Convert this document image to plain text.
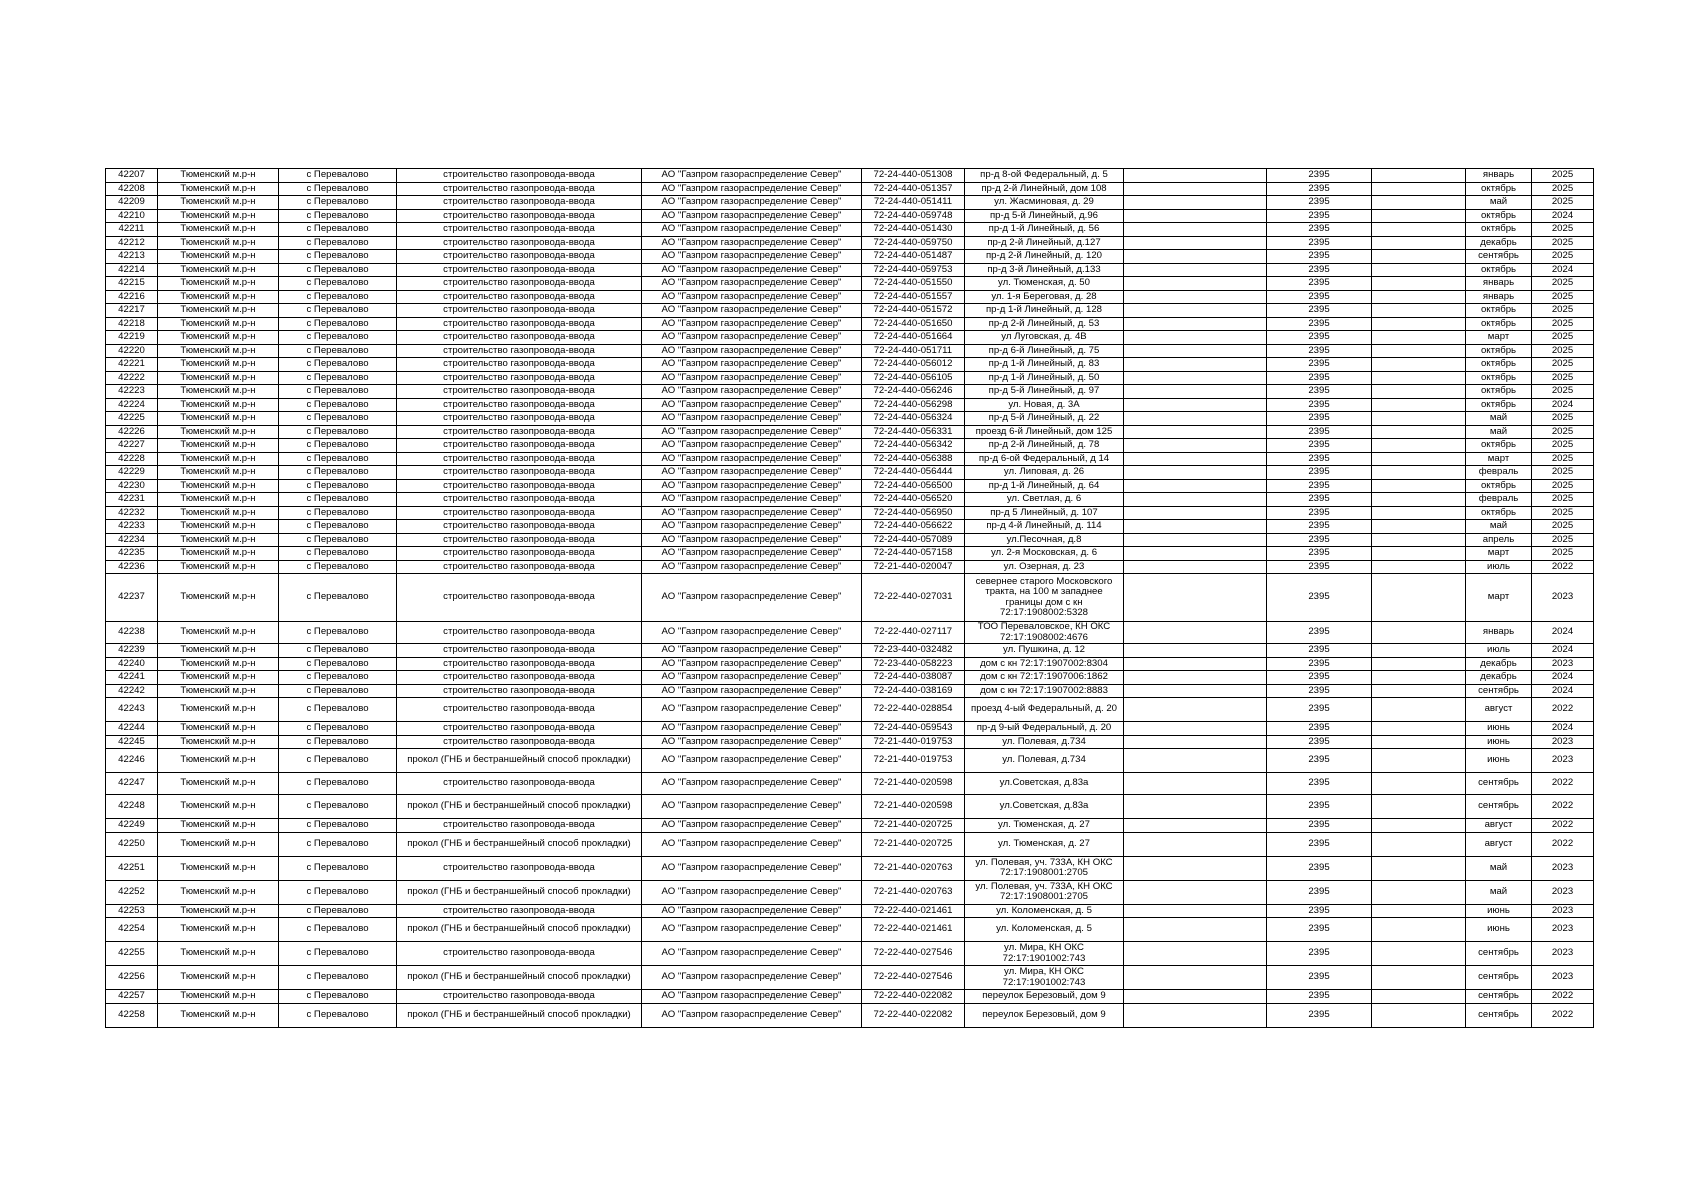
42207	Тюменский м.р-н	с Перевалово	строительство газопровода-ввода	АО "Газпром газораспределение Север"	72-24-440-051308	пр-д 8-ой Федеральный, д. 5		2395		январь	2025
42208	Тюменский м.р-н	с Перевалово	строительство газопровода-ввода	АО "Газпром газораспределение Север"	72-24-440-051357	пр-д 2-й Линейный, дом 108		2395		октябрь	2025
42209	Тюменский м.р-н	с Перевалово	строительство газопровода-ввода	АО "Газпром газораспределение Север"	72-24-440-051411	ул. Жасминовая, д. 29		2395		май	2025
42210	Тюменский м.р-н	с Перевалово	строительство газопровода-ввода	АО "Газпром газораспределение Север"	72-24-440-059748	пр-д 5-й Линейный, д.96		2395		октябрь	2024
42211	Тюменский м.р-н	с Перевалово	строительство газопровода-ввода	АО "Газпром газораспределение Север"	72-24-440-051430	пр-д 1-й Линейный, д. 56		2395		октябрь	2025
42212	Тюменский м.р-н	с Перевалово	строительство газопровода-ввода	АО "Газпром газораспределение Север"	72-24-440-059750	пр-д 2-й Линейный, д.127		2395		декабрь	2025
42213	Тюменский м.р-н	с Перевалово	строительство газопровода-ввода	АО "Газпром газораспределение Север"	72-24-440-051487	пр-д 2-й Линейный, д. 120		2395		сентябрь	2025
42214	Тюменский м.р-н	с Перевалово	строительство газопровода-ввода	АО "Газпром газораспределение Север"	72-24-440-059753	пр-д 3-й Линейный, д.133		2395		октябрь	2024
42215	Тюменский м.р-н	с Перевалово	строительство газопровода-ввода	АО "Газпром газораспределение Север"	72-24-440-051550	ул. Тюменская, д. 50		2395		январь	2025
42216	Тюменский м.р-н	с Перевалово	строительство газопровода-ввода	АО "Газпром газораспределение Север"	72-24-440-051557	ул. 1-я Береговая, д. 28		2395		январь	2025
42217	Тюменский м.р-н	с Перевалово	строительство газопровода-ввода	АО "Газпром газораспределение Север"	72-24-440-051572	пр-д 1-й Линейный, д. 128		2395		октябрь	2025
42218	Тюменский м.р-н	с Перевалово	строительство газопровода-ввода	АО "Газпром газораспределение Север"	72-24-440-051650	пр-д 2-й Линейный, д. 53		2395		октябрь	2025
42219	Тюменский м.р-н	с Перевалово	строительство газопровода-ввода	АО "Газпром газораспределение Север"	72-24-440-051664	ул Луговская, д. 4В		2395		март	2025
42220	Тюменский м.р-н	с Перевалово	строительство газопровода-ввода	АО "Газпром газораспределение Север"	72-24-440-051711	пр-д 6-й Линейный, д. 75		2395		октябрь	2025
42221	Тюменский м.р-н	с Перевалово	строительство газопровода-ввода	АО "Газпром газораспределение Север"	72-24-440-056012	пр-д 1-й Линейный, д. 83		2395		октябрь	2025
42222	Тюменский м.р-н	с Перевалово	строительство газопровода-ввода	АО "Газпром газораспределение Север"	72-24-440-056105	пр-д 1-й Линейный, д. 50		2395		октябрь	2025
42223	Тюменский м.р-н	с Перевалово	строительство газопровода-ввода	АО "Газпром газораспределение Север"	72-24-440-056246	пр-д 5-й Линейный, д. 97		2395		октябрь	2025
42224	Тюменский м.р-н	с Перевалово	строительство газопровода-ввода	АО "Газпром газораспределение Север"	72-24-440-056298	ул. Новая, д. 3А		2395		октябрь	2024
42225	Тюменский м.р-н	с Перевалово	строительство газопровода-ввода	АО "Газпром газораспределение Север"	72-24-440-056324	пр-д 5-й Линейный, д. 22		2395		май	2025
42226	Тюменский м.р-н	с Перевалово	строительство газопровода-ввода	АО "Газпром газораспределение Север"	72-24-440-056331	проезд 6-й Линейный, дом 125		2395		май	2025
42227	Тюменский м.р-н	с Перевалово	строительство газопровода-ввода	АО "Газпром газораспределение Север"	72-24-440-056342	пр-д 2-й Линейный, д. 78		2395		октябрь	2025
42228	Тюменский м.р-н	с Перевалово	строительство газопровода-ввода	АО "Газпром газораспределение Север"	72-24-440-056388	пр-д 6-ой Федеральный, д 14		2395		март	2025
42229	Тюменский м.р-н	с Перевалово	строительство газопровода-ввода	АО "Газпром газораспределение Север"	72-24-440-056444	ул. Липовая, д. 26		2395		февраль	2025
42230	Тюменский м.р-н	с Перевалово	строительство газопровода-ввода	АО "Газпром газораспределение Север"	72-24-440-056500	пр-д 1-й Линейный, д. 64		2395		октябрь	2025
42231	Тюменский м.р-н	с Перевалово	строительство газопровода-ввода	АО "Газпром газораспределение Север"	72-24-440-056520	ул. Светлая, д. 6		2395		февраль	2025
42232	Тюменский м.р-н	с Перевалово	строительство газопровода-ввода	АО "Газпром газораспределение Север"	72-24-440-056950	пр-д 5 Линейный, д. 107		2395		октябрь	2025
42233	Тюменский м.р-н	с Перевалово	строительство газопровода-ввода	АО "Газпром газораспределение Север"	72-24-440-056622	пр-д 4-й Линейный, д. 114		2395		май	2025
42234	Тюменский м.р-н	с Перевалово	строительство газопровода-ввода	АО "Газпром газораспределение Север"	72-24-440-057089	ул.Песочная, д.8		2395		апрель	2025
42235	Тюменский м.р-н	с Перевалово	строительство газопровода-ввода	АО "Газпром газораспределение Север"	72-24-440-057158	ул. 2-я Московская, д. 6		2395		март	2025
42236	Тюменский м.р-н	с Перевалово	строительство газопровода-ввода	АО "Газпром газораспределение Север"	72-21-440-020047	ул. Озерная, д. 23		2395		июль	2022
42237	Тюменский м.р-н	с Перевалово	строительство газопровода-ввода	АО "Газпром газораспределение Север"	72-22-440-027031	севернее старого Московского тракта, на 100 м западнее границы дом с кн 72:17:1908002:5328		2395		март	2023
42238	Тюменский м.р-н	с Перевалово	строительство газопровода-ввода	АО "Газпром газораспределение Север"	72-22-440-027117	ТОО Переваловское, КН ОКС 72:17:1908002:4676		2395		январь	2024
42239	Тюменский м.р-н	с Перевалово	строительство газопровода-ввода	АО "Газпром газораспределение Север"	72-23-440-032482	ул. Пушкина, д. 12		2395		июль	2024
42240	Тюменский м.р-н	с Перевалово	строительство газопровода-ввода	АО "Газпром газораспределение Север"	72-23-440-058223	дом с кн 72:17:1907002:8304		2395		декабрь	2023
42241	Тюменский м.р-н	с Перевалово	строительство газопровода-ввода	АО "Газпром газораспределение Север"	72-24-440-038087	дом с кн 72:17:1907006:1862		2395		декабрь	2024
42242	Тюменский м.р-н	с Перевалово	строительство газопровода-ввода	АО "Газпром газораспределение Север"	72-24-440-038169	дом с кн 72:17:1907002:8883		2395		сентябрь	2024
42243	Тюменский м.р-н	с Перевалово	строительство газопровода-ввода	АО "Газпром газораспределение Север"	72-22-440-028854	проезд 4-ый Федеральный, д. 20		2395		август	2022
42244	Тюменский м.р-н	с Перевалово	строительство газопровода-ввода	АО "Газпром газораспределение Север"	72-24-440-059543	пр-д 9-ый Федеральный, д. 20		2395		июнь	2024
42245	Тюменский м.р-н	с Перевалово	строительство газопровода-ввода	АО "Газпром газораспределение Север"	72-21-440-019753	ул. Полевая, д.734		2395		июнь	2023
42246	Тюменский м.р-н	с Перевалово	прокол (ГНБ и бестраншейный способ прокладки)	АО "Газпром газораспределение Север"	72-21-440-019753	ул. Полевая, д.734		2395		июнь	2023
42247	Тюменский м.р-н	с Перевалово	строительство газопровода-ввода	АО "Газпром газораспределение Север"	72-21-440-020598	ул.Советская, д.83а		2395		сентябрь	2022
42248	Тюменский м.р-н	с Перевалово	прокол (ГНБ и бестраншейный способ прокладки)	АО "Газпром газораспределение Север"	72-21-440-020598	ул.Советская, д.83а		2395		сентябрь	2022
42249	Тюменский м.р-н	с Перевалово	строительство газопровода-ввода	АО "Газпром газораспределение Север"	72-21-440-020725	ул. Тюменская, д. 27		2395		август	2022
42250	Тюменский м.р-н	с Перевалово	прокол (ГНБ и бестраншейный способ прокладки)	АО "Газпром газораспределение Север"	72-21-440-020725	ул. Тюменская, д. 27		2395		август	2022
42251	Тюменский м.р-н	с Перевалово	строительство газопровода-ввода	АО "Газпром газораспределение Север"	72-21-440-020763	ул. Полевая, уч. 733А, КН ОКС 72:17:1908001:2705		2395		май	2023
42252	Тюменский м.р-н	с Перевалово	прокол (ГНБ и бестраншейный способ прокладки)	АО "Газпром газораспределение Север"	72-21-440-020763	ул. Полевая, уч. 733А, КН ОКС 72:17:1908001:2705		2395		май	2023
42253	Тюменский м.р-н	с Перевалово	строительство газопровода-ввода	АО "Газпром газораспределение Север"	72-22-440-021461	ул. Коломенская, д. 5		2395		июнь	2023
42254	Тюменский м.р-н	с Перевалово	прокол (ГНБ и бестраншейный способ прокладки)	АО "Газпром газораспределение Север"	72-22-440-021461	ул. Коломенская, д. 5		2395		июнь	2023
42255	Тюменский м.р-н	с Перевалово	строительство газопровода-ввода	АО "Газпром газораспределение Север"	72-22-440-027546	ул. Мира, КН ОКС 72:17:1901002:743		2395		сентябрь	2023
42256	Тюменский м.р-н	с Перевалово	прокол (ГНБ и бестраншейный способ прокладки)	АО "Газпром газораспределение Север"	72-22-440-027546	ул. Мира, КН ОКС 72:17:1901002:743		2395		сентябрь	2023
42257	Тюменский м.р-н	с Перевалово	строительство газопровода-ввода	АО "Газпром газораспределение Север"	72-22-440-022082	переулок Березовый, дом 9		2395		сентябрь	2022
42258	Тюменский м.р-н	с Перевалово	прокол (ГНБ и бестраншейный способ прокладки)	АО "Газпром газораспределение Север"	72-22-440-022082	переулок Березовый, дом 9		2395		сентябрь	2022
